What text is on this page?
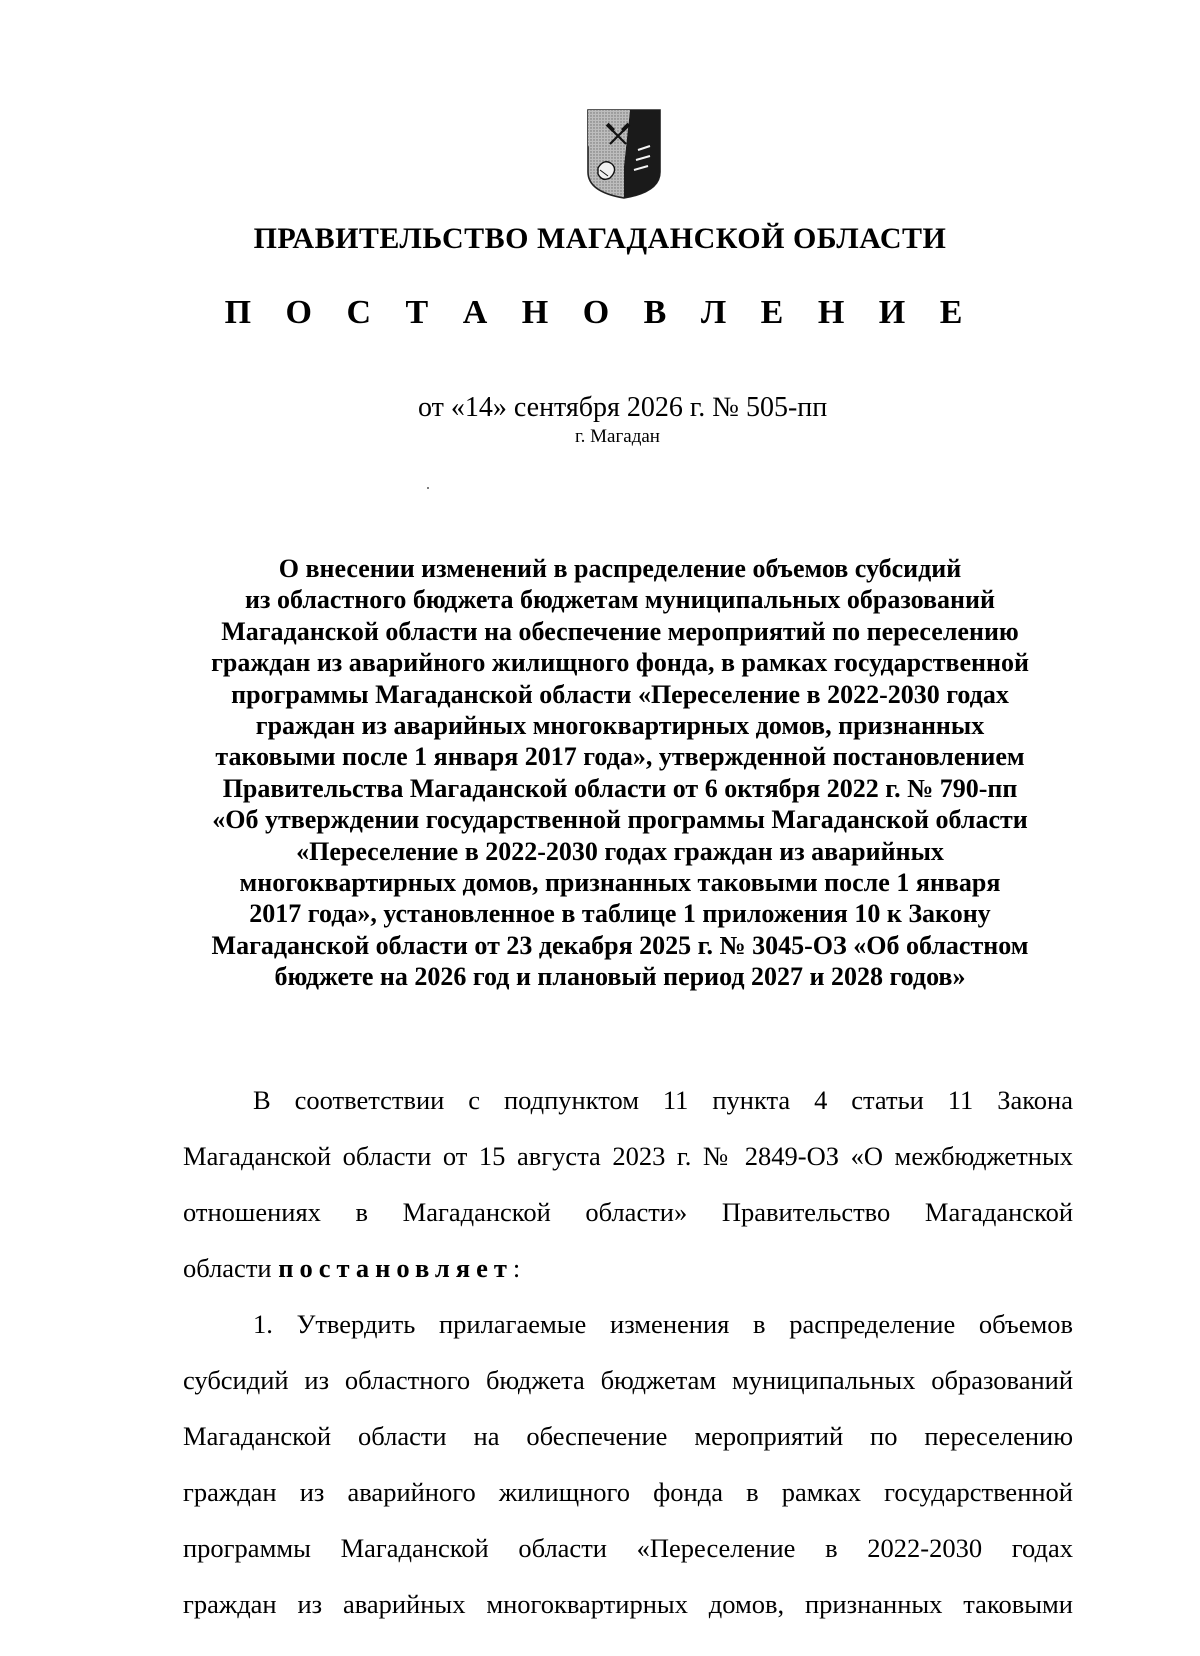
ПРАВИТЕЛЬСТВО МАГАДАНСКОЙ ОБЛАСТИ
П О С Т А Н О В Л Е Н И Е
от «14» сентября 2026 г. № 505-пп
г. Магадан
О внесении изменений в распределение объемов субсидий
из областного бюджета бюджетам муниципальных образований
Магаданской области на обеспечение мероприятий по переселению
граждан из аварийного жилищного фонда, в рамках государственной
программы Магаданской области «Переселение в 2022-2030 годах
граждан из аварийных многоквартирных домов, признанных
таковыми после 1 января 2017 года», утвержденной постановлением
Правительства Магаданской области от 6 октября 2022 г. № 790-пп
«Об утверждении государственной программы Магаданской области
«Переселение в 2022-2030 годах граждан из аварийных
многоквартирных домов, признанных таковыми после 1 января
2017 года», установленное в таблице 1 приложения 10 к Закону
Магаданской области от 23 декабря 2025 г. № 3045-ОЗ «Об областном
бюджете на 2026 год и плановый период 2027 и 2028 годов»
В соответствии с подпунктом 11 пункта 4 статьи 11 Закона
Магаданской области от 15 августа 2023 г. № 2849-ОЗ «О межбюджетных
отношениях в Магаданской области» Правительство Магаданской
области постановляет:
1. Утвердить прилагаемые изменения в распределение объемов
субсидий из областного бюджета бюджетам муниципальных образований
Магаданской области на обеспечение мероприятий по переселению
граждан из аварийного жилищного фонда в рамках государственной
программы Магаданской области «Переселение в 2022-2030 годах
граждан из аварийных многоквартирных домов, признанных таковыми
